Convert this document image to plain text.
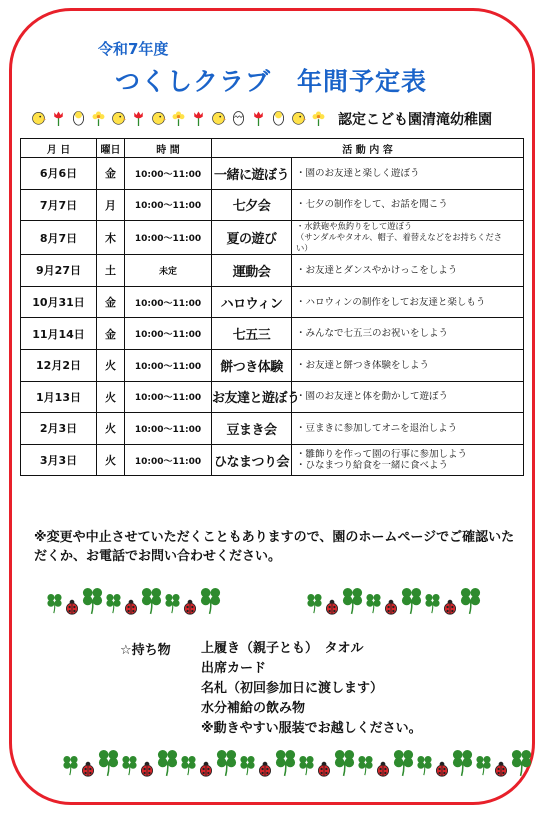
令和7年度
つくしクラブ　年間予定表
認定こども園清滝幼稚園
月 日	曜日	時 間	活 動 内 容	
6月6日	金	10:00～11:00	一緒に遊ぼう	・園のお友達と楽しく遊ぼう

7月7日	月	10:00～11:00	七夕会	・七夕の制作をして、お話を聞こう

8月7日	木	10:00～11:00	夏の遊び	・水鉄砲や魚釣りをして遊ぼう
（サンダルやタオル、帽子、着替えなどをお持ちくださ
い）

9月27日	土	未定	運動会	・お友達とダンスやかけっこをしよう

10月31日	金	10:00～11:00	ハロウィン	・ハロウィンの制作をしてお友達と楽しもう

11月14日	金	10:00～11:00	七五三	・みんなで七五三のお祝いをしよう

12月2日	火	10:00～11:00	餅つき体験	・お友達と餅つき体験をしよう

1月13日	火	10:00～11:00	お友達と遊ぼう	・園のお友達と体を動かして遊ぼう

2月3日	火	10:00～11:00	豆まき会	・豆まきに参加してオニを退治しよう

3月3日	火	10:00～11:00	ひなまつり会	・雛飾りを作って園の行事に参加しよう
・ひなまつり給食を一緒に食べよう
※変更や中止させていただくこともありますので、園のホームページでご確認いただくか、お電話でお問い合わせください。
☆持ち物 上履き（親子とも）　タオル
出席カード
名札（初回参加日に渡します）
水分補給の飲み物
※動きやすい服装でお越しください。
